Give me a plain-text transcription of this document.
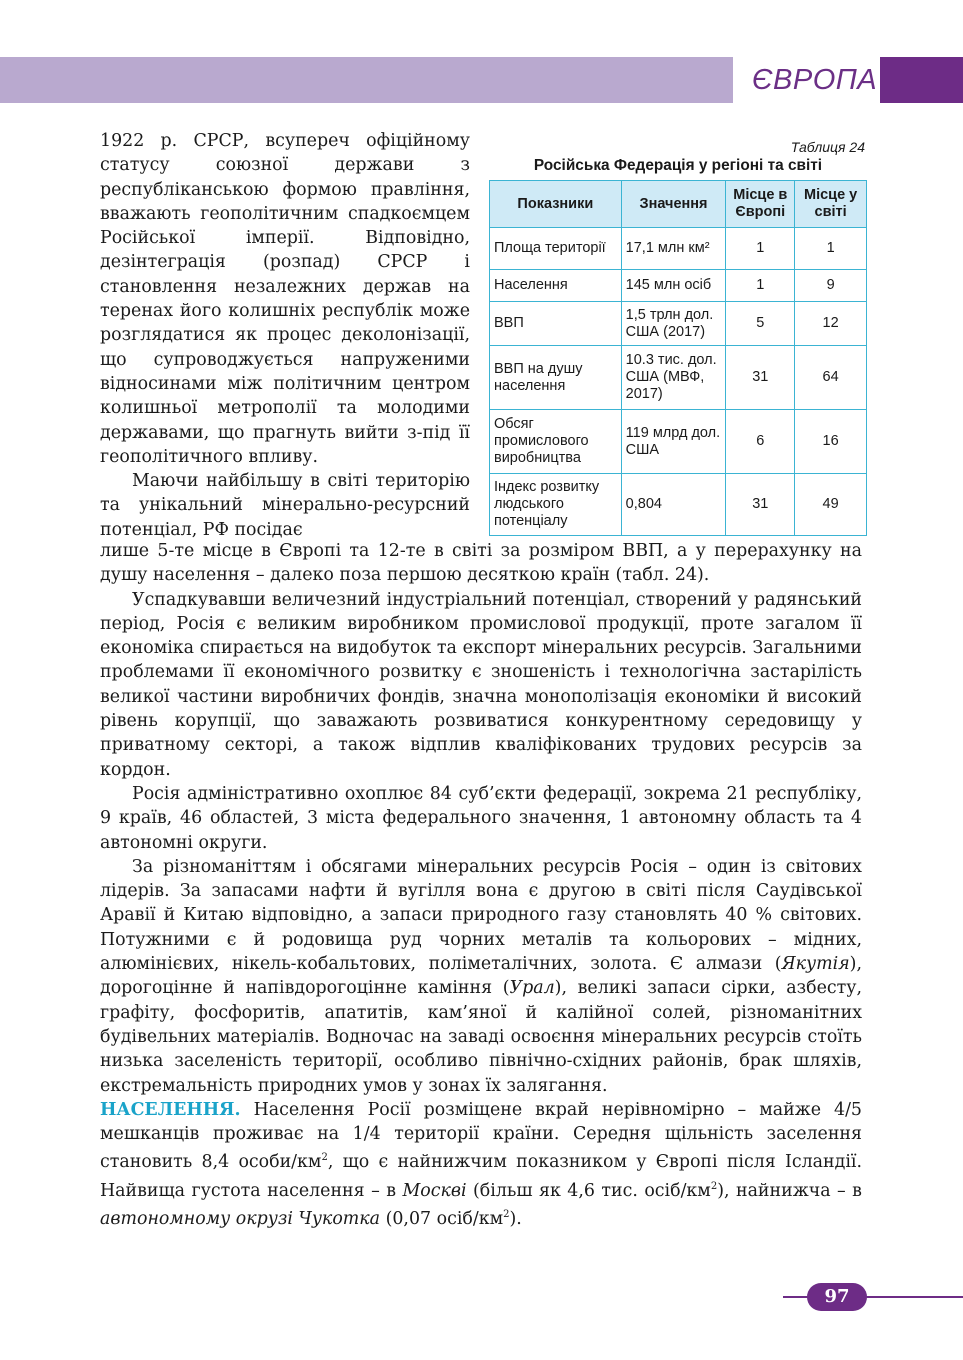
ЄВРОПА

1922 р. СРСР, всупереч офіційному статусу союзної держави з республіканською формою правління, вважають геополітичним спадкоємцем Російської імперії. Відповідно, дезінтеграція (розпад) СРСР і становлення незалежних держав на теренах його колишніх республік може розглядатися як процес деколонізації, що супроводжується напруженими відносинами між політичним центром колишньої метрополії та молодими державами, що прагнуть вийти з-під її геополітичного впливу.

Маючи найбільшу в світі територію та унікальний мінерально-ресурсний потенціал, РФ посідає

Таблиця 24
Російська Федерація у регіоні та світі
Показники	Значення	Місце в Європі	Місце у світі
Площа території	17,1 млн км²	1	1
Населення	145 млн осіб	1	9
ВВП	1,5 трлн дол. США (2017)	5	12
ВВП на душу населення	10.3 тис. дол. США (МВФ, 2017)	31	64
Обсяг промислового виробництва	119 млрд дол. США	6	16
Індекс розвитку людського потенціалу	0,804	31	49

лише 5-те місце в Європі та 12-те в світі за розміром ВВП, а у перерахунку на душу населення – далеко поза першою десяткою країн (табл. 24).

Успадкувавши величезний індустріальний потенціал, створений у радянський період, Росія є великим виробником промислової продукції, проте загалом її економіка спирається на видобуток та експорт мінеральних ресурсів. Загальними проблемами її економічного розвитку є зношеність і технологічна застарілість великої частини виробничих фондів, значна монополізація економіки й високий рівень корупції, що заважають розвиватися конкурентному середовищу у приватному секторі, а також відплив кваліфікованих трудових ресурсів за кордон.

Росія адміністративно охоплює 84 суб’єкти федерації, зокрема 21 республіку, 9 країв, 46 областей, 3 міста федерального значення, 1 автономну область та 4 автономні округи.

За різноманіттям і обсягами мінеральних ресурсів Росія – один із світових лідерів. За запасами нафти й вугілля вона є другою в світі після Саудівської Аравії й Китаю відповідно, а запаси природного газу становлять 40 % світових. Потужними є й родовища руд чорних металів та кольорових – мідних, алюмінієвих, нікель-кобальтових, поліметалічних, золота. Є алмази (Якутія), дорогоцінне й напівдорогоцінне каміння (Урал), великі запаси сірки, азбесту, графіту, фосфоритів, апатитів, кам’яної й калійної солей, різноманітних будівельних матеріалів. Водночас на заваді освоєння мінеральних ресурсів стоїть низька заселеність території, особливо північно-східних районів, брак шляхів, екстремальність природних умов у зонах їх залягання.

НАСЕЛЕННЯ. Населення Росії розміщене вкрай нерівномірно – майже 4/5 мешканців проживає на 1/4 території країни. Середня щільність заселення становить 8,4 особи/$км^2$, що є найнижчим показником у Європі після Ісландії. Найвища густота населення – в Москві (більш як 4,6 тис. осіб/$км^2$), найнижча – в автономному окрузі Чукотка (0,07 осіб/$км^2$).

97
